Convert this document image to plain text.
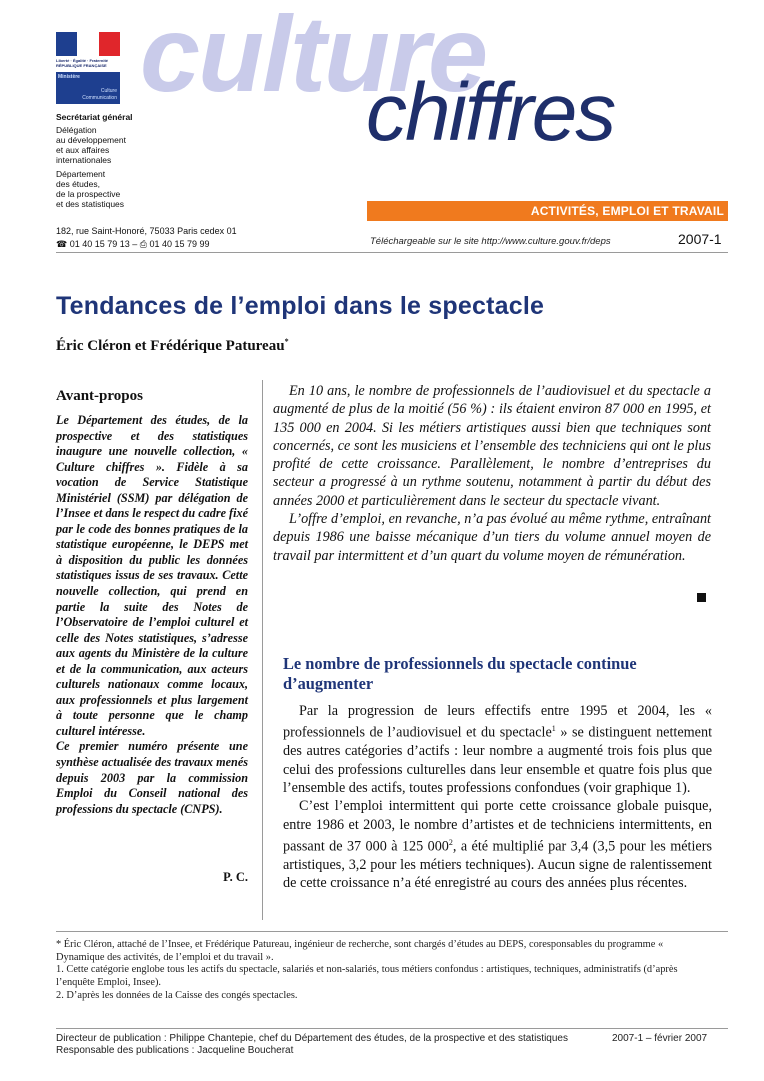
Liberté · Égalité · Fraternité
RÉPUBLIQUE FRANÇAISE
Ministère
Culture
Communication culture
chiffres
Secrétariat général
Délégation
au développement
et aux affaires
internationales
Département
des études,
de la prospective
et des statistiques	ACTIVITÉS, EMPLOI ET TRAVAIL
182, rue Saint-Honoré, 75033 Paris cedex 01
☎ 01 40 15 79 13 – ⎙ 01 40 15 79 99	Téléchargeable sur le site http://www.culture.gouv.fr/deps	2007-1
Tendances de l’emploi dans le spectacle
Éric Cléron et Frédérique Patureau*
Avant-propos

Le Département des études, de la prospective et des statistiques inaugure une nouvelle collection, « Culture chiffres ». Fidèle à sa vocation de Service Statistique Ministériel (SSM) par délégation de l’Insee et dans le respect du cadre fixé par le code des bonnes pratiques de la statistique européenne, le DEPS met à disposition du public les données statistiques issus de ses travaux. Cette nouvelle collection, qui prend en partie la suite des Notes de l’Observatoire de l’emploi culturel et celle des Notes statistiques, s’adresse aux agents du Ministère de la culture et de la communication, aux acteurs culturels nationaux comme locaux, aux professionnels et plus largement à toute personne que le champ culturel intéresse.

Ce premier numéro présente une synthèse actualisée des travaux menés depuis 2003 par la commission Emploi du Conseil national des professions du spectacle (CNPS).

P. C.

En 10 ans, le nombre de professionnels de l’audiovisuel et du spectacle a augmenté de plus de la moitié (56 %) : ils étaient environ 87 000 en 1995, et 135 000 en 2004. Si les métiers artistiques aussi bien que techniques sont concernés, ce sont les musiciens et l’ensemble des techniciens qui ont le plus profité de cette croissance. Parallèlement, le nombre d’entreprises du secteur a progressé à un rythme soutenu, notamment à partir du début des années 2000 et particulièrement dans le secteur du spectacle vivant.

L’offre d’emploi, en revanche, n’a pas évolué au même rythme, entraînant depuis 1986 une baisse mécanique d’un tiers du volume annuel moyen de travail par intermittent et d’un quart du volume moyen de rémunération.

Le nombre de professionnels du spectacle continue d’augmenter

Par la progression de leurs effectifs entre 1995 et 2004, les « professionnels de l’audiovisuel et du spectacle$^1$ » se distinguent nettement des autres catégories d’actifs : leur nombre a augmenté trois fois plus que celui des professions culturelles dans leur ensemble et quatre fois plus que l’ensemble des actifs, toutes professions confondues (voir graphique 1).

C’est l’emploi intermittent qui porte cette croissance globale puisque, entre 1986 et 2003, le nombre d’artistes et de techniciens intermittents, en passant de 37 000 à 125 $000^2$, a été multiplié par 3,4 (3,5 pour les métiers artistiques, 3,2 pour les métiers techniques). Aucun signe de ralentissement de cette croissance n’a été enregistré au cours des années plus récentes.

* Éric Cléron, attaché de l’Insee, et Frédérique Patureau, ingénieur de recherche, sont chargés d’études au DEPS, coresponsables du programme « Dynamique des activités, de l’emploi et du travail ».

1. Cette catégorie englobe tous les actifs du spectacle, salariés et non-salariés, tous métiers confondus : artistiques, techniques, administratifs (d’après l’enquête Emploi, Insee).

2. D’après les données de la Caisse des congés spectacles.

Directeur de publication : Philippe Chantepie, chef du Département des études, de la prospective et des statistiques
Responsable des publications : Jacqueline Boucherat
2007-1 – février 2007
